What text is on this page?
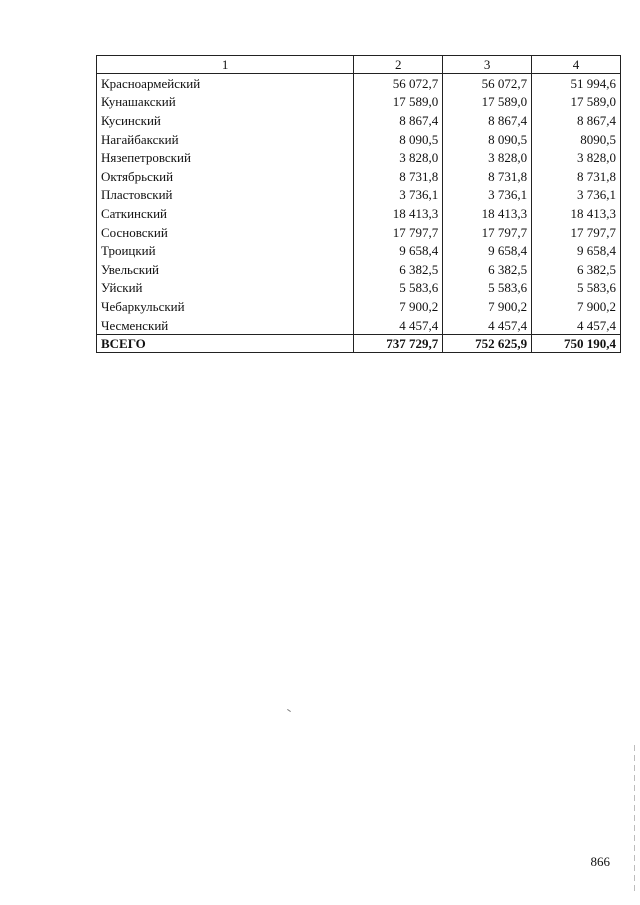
1	2	3	4
Красноармейский	56 072,7	56 072,7	51 994,6
Кунашакский	17 589,0	17 589,0	17 589,0
Кусинский	8 867,4	8 867,4	8 867,4
Нагайбакский	8 090,5	8 090,5	8090,5
Нязепетровский	3 828,0	3 828,0	3 828,0
Октябрьский	8 731,8	8 731,8	8 731,8
Пластовский	3 736,1	3 736,1	3 736,1
Саткинский	18 413,3	18 413,3	18 413,3
Сосновский	17 797,7	17 797,7	17 797,7
Троицкий	9 658,4	9 658,4	9 658,4
Увельский	6 382,5	6 382,5	6 382,5
Уйский	5 583,6	5 583,6	5 583,6
Чебаркульский	7 900,2	7 900,2	7 900,2
Чесменский	4 457,4	4 457,4	4 457,4
ВСЕГО	737 729,7	752 625,9	750 190,4
866
